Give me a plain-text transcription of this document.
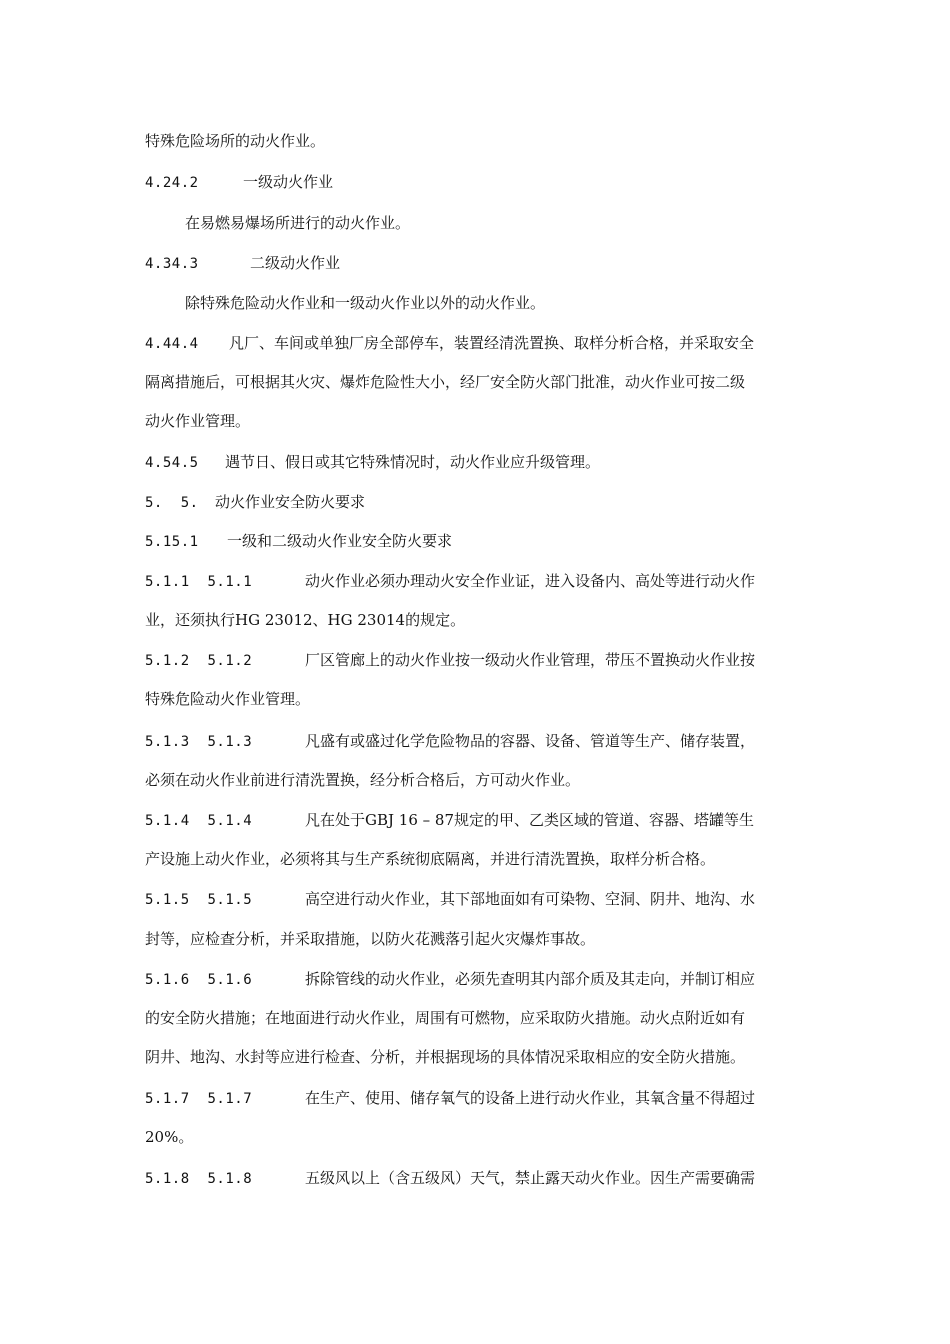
特殊危险场所的动火作业。
4.24.2	一级动火作业
在易燃易爆场所进行的动火作业。
4.34.3	二级动火作业
除特殊危险动火作业和一级动火作业以外的动火作业。
4.44.4 凡厂、车间或单独厂房全部停车，装置经清洗置换、取样分析合格，并采取安全
隔离措施后，可根据其火灾、爆炸危险性大小，经厂安全防火部门批准，动火作业可按二级
动火作业管理。
4.54.5 遇节日、假日或其它特殊情况时，动火作业应升级管理。
5.  5. 动火作业安全防火要求
5.15.1 一级和二级动火作业安全防火要求
5.1.1  5.1.1	动火作业必须办理动火安全作业证，进入设备内、高处等进行动火作
业，还须执行HG 23012、HG 23014的规定。
5.1.2  5.1.2	厂区管廊上的动火作业按一级动火作业管理，带压不置换动火作业按
特殊危险动火作业管理。
5.1.3  5.1.3	凡盛有或盛过化学危险物品的容器、设备、管道等生产、储存装置，
必须在动火作业前进行清洗置换，经分析合格后，方可动火作业。
5.1.4  5.1.4	凡在处于GBJ 16 – 87规定的甲、乙类区域的管道、容器、塔罐等生
产设施上动火作业，必须将其与生产系统彻底隔离，并进行清洗置换，取样分析合格。
5.1.5  5.1.5	高空进行动火作业，其下部地面如有可染物、空洞、阴井、地沟、水
封等，应检查分析，并采取措施，以防火花溅落引起火灾爆炸事故。
5.1.6  5.1.6	拆除管线的动火作业，必须先查明其内部介质及其走向，并制订相应
的安全防火措施；在地面进行动火作业，周围有可燃物，应采取防火措施。动火点附近如有
阴井、地沟、水封等应进行检查、分析，并根据现场的具体情况采取相应的安全防火措施。
5.1.7  5.1.7	在生产、使用、储存氧气的设备上进行动火作业，其氧含量不得超过
20%。
5.1.8  5.1.8	五级风以上（含五级风）天气，禁止露天动火作业。因生产需要确需
